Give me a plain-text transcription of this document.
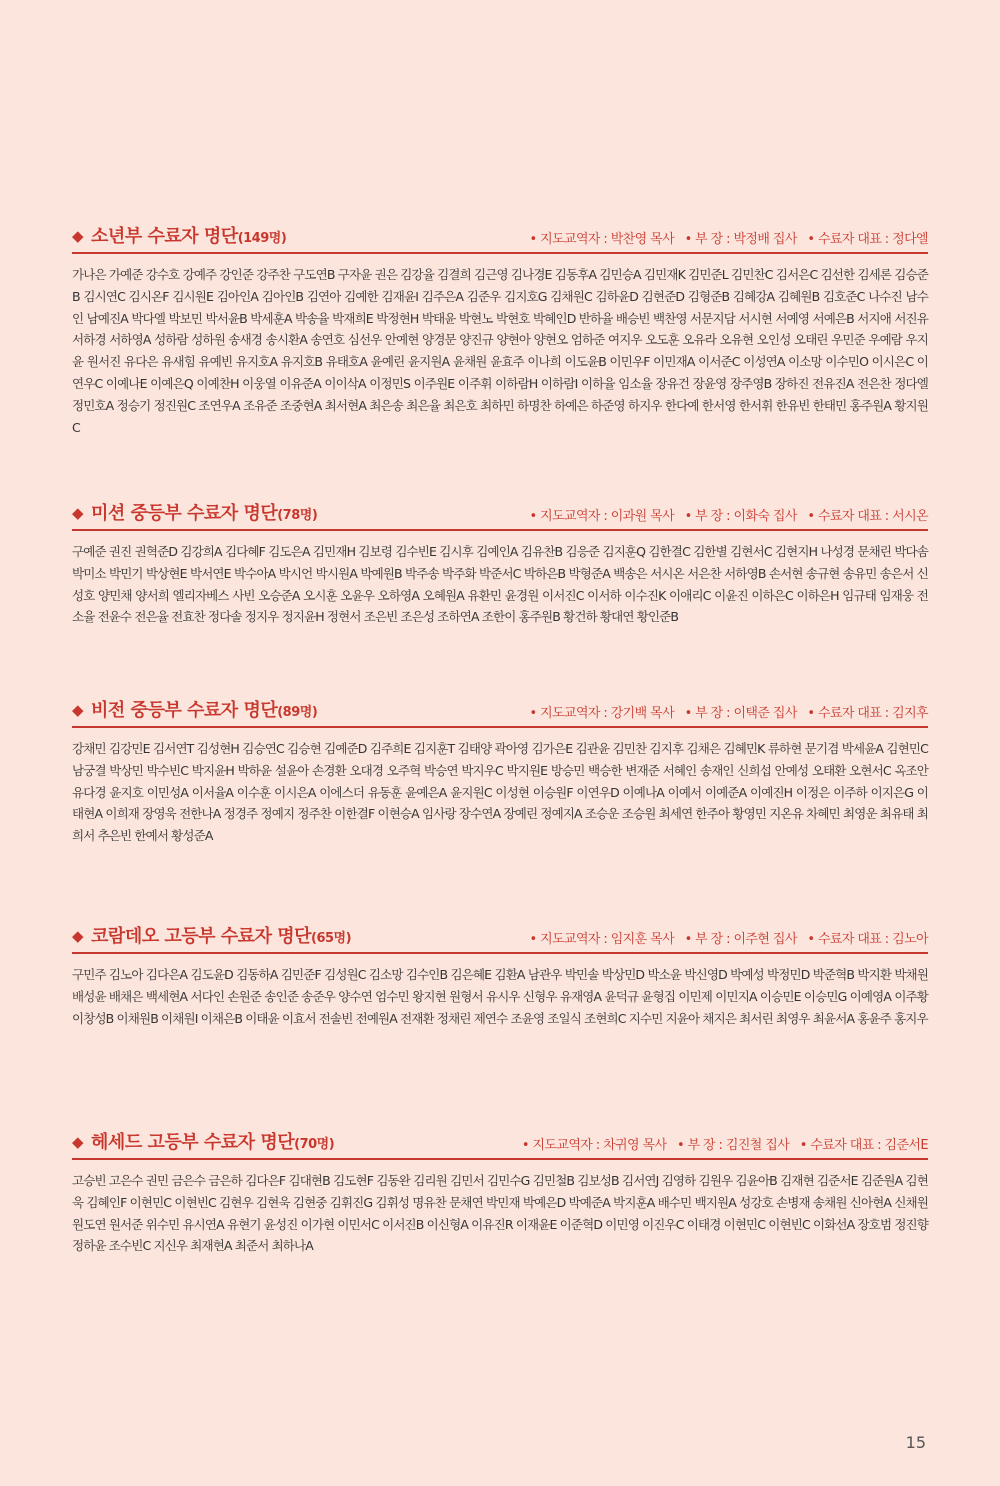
◆ 소년부 수료자 명단(149명)	• 지도교역자 : 박찬영 목사 • 부 장 : 박정배 집사 • 수료자 대표 : 정다엘

가나은 가예준 강수호 강예주 강인준 강주찬 구도연B 구자윤 권은 김강율 김결희 김근영 김나경E 김동후A 김민승A 김민재K 김민준L 김민찬C 김서은C 김선한 김세론 김승준B 김시연C 김시온F 김시원E 김아인A 김아인B 김연아 김예한 김재윤I 김주은A 김준우 김지호G 김채원C 김하윤D 김현준D 김형준B 김혜강A 김혜원B 김호준C 나수진 남수인 남예진A 박다엘 박보민 박서윤B 박세훈A 박송율 박재희E 박정현H 박태윤 박현노 박현호 박혜인D 반하율 배승빈 백찬영 서문지담 서시현 서예영 서예은B 서지애 서진유 서하경 서하영A 성하람 성하원 송새경 송시환A 송연호 심선우 안예현 양경문 양진규 양현아 양현오 엄하준 여지우 오도훈 오유라 오유현 오인성 오태린 우민준 우예람 우지윤 원서진 유다은 유새힘 유예빈 유지호A 유지호B 유태호A 윤예린 윤지원A 윤채원 윤효주 이나희 이도윤B 이민우F 이민재A 이서준C 이성연A 이소망 이수민O 이시은C 이연우C 이예나E 이예은Q 이예찬H 이웅열 이유준A 이이삭A 이정민S 이주원E 이주휘 이하람H 이하람I 이하율 임소율 장유건 장윤영 장주영B 장하진 전유진A 전은찬 정다엘 정민호A 정승기 정진원C 조연우A 조유준 조중현A 최서현A 최은송 최은율 최은호 최하민 하명찬 하예은 하준영 하지우 한다예 한서영 한서휘 한유빈 한태민 홍주원A 황지원C

◆ 미션 중등부 수료자 명단(78명)	• 지도교역자 : 이과원 목사 • 부 장 : 이화숙 집사 • 수료자 대표 : 서시온

구예준 권진 권혁준D 김강희A 김다혜F 김도은A 김민재H 김보령 김수빈E 김시후 김예인A 김유찬B 김응준 김지훈Q 김한결C 김한별 김현서C 김현지H 나성경 문채린 박다솜 박미소 박민기 박상현E 박서연E 박수아A 박시언 박시원A 박예원B 박주송 박주화 박준서C 박하은B 박형준A 백송은 서시온 서은찬 서하영B 손서현 송규현 송유민 송은서 신성호 양민채 양서희 엘리자베스 사빈 오승준A 오시훈 오윤우 오하영A 오혜원A 유환민 윤경원 이서진C 이서하 이수진K 이애리C 이윤진 이하은C 이하은H 임규태 임재웅 전소율 전윤수 전은율 전효찬 정다솔 정지우 정지윤H 정현서 조은빈 조은성 조하연A 조한이 홍주원B 황건하 황대연 황인준B

◆ 비전 중등부 수료자 명단(89명)	• 지도교역자 : 강기백 목사 • 부 장 : 이택준 집사 • 수료자 대표 : 김지후

강채민 김강민E 김서연T 김성현H 김승연C 김승현 김예준D 김주희E 김지훈T 김태양 곽아영 김가은E 김관윤 김민찬 김지후 김채은 김혜민K 류하현 문기겸 박세윤A 김현민C 남궁결 박상민 박수빈C 박지윤H 박하윤 설윤아 손경환 오대경 오주혁 박승연 박지우C 박지원E 방승민 백승한 변재준 서혜인 송재인 신희섭 안예성 오태환 오현서C 옥조안 유다경 윤지호 이민성A 이서율A 이수훈 이시은A 이에스더 유동훈 윤예은A 윤지원C 이성현 이승원F 이연우D 이예나A 이예서 이예준A 이예진H 이정은 이주하 이지은G 이태현A 이희재 장영욱 전한나A 정경주 정예지 정주찬 이한결F 이현승A 임사랑 장수연A 장예린 정예지A 조승운 조승원 최세연 한주아 황영민 지온유 차혜민 최영운 최유태 최희서 추은빈 한예서 황성준A

◆ 코람데오 고등부 수료자 명단(65명)	• 지도교역자 : 임지훈 목사 • 부 장 : 이주현 집사 • 수료자 대표 : 김노아

구민주 김노아 김다은A 김도윤D 김동하A 김민준F 김성원C 김소망 김수인B 김은혜E 김환A 남관우 박민솔 박상민D 박소윤 박신영D 박예성 박정민D 박준혁B 박지환 박채원 배성윤 배채은 백세현A 서다인 손원준 송인준 송준우 양수연 엄수민 왕지현 원형서 유시우 신형우 유재영A 윤덕규 윤형집 이민제 이민지A 이승민E 이승민G 이예영A 이주황 이창성B 이채원B 이채원I 이채은B 이태윤 이효서 전솔빈 전예원A 전재환 정채린 제연수 조윤영 조일식 조현희C 지수민 지윤아 채지은 최서린 최영우 최윤서A 홍윤주 홍지우

◆ 헤세드 고등부 수료자 명단(70명)	• 지도교역자 : 차귀영 목사 • 부 장 : 김진철 집사 • 수료자 대표 : 김준서E

고승빈 고은수 권민 금은수 금은하 김다은F 김대현B 김도현F 김동완 김리원 김민서 김민수G 김민철B 김보성B 김서연J 김영하 김원우 김윤아B 김재현 김준서E 김준원A 김현욱 김혜인F 이현민C 이현빈C 김현우 김현욱 김현중 김휘진G 김휘성 명유찬 문채연 박민재 박예은D 박예준A 박지훈A 배수민 백지원A 성강호 손병재 송채원 신아현A 신채원 원도연 원서준 위수민 유시연A 유현기 윤성진 이가현 이민서C 이서진B 이신형A 이유진R 이재윤E 이준혁D 이민영 이진우C 이태경 이현민C 이현빈C 이화선A 장호범 정진향 정하윤 조수빈C 지신우 최재현A 최준서 최하나A

15
